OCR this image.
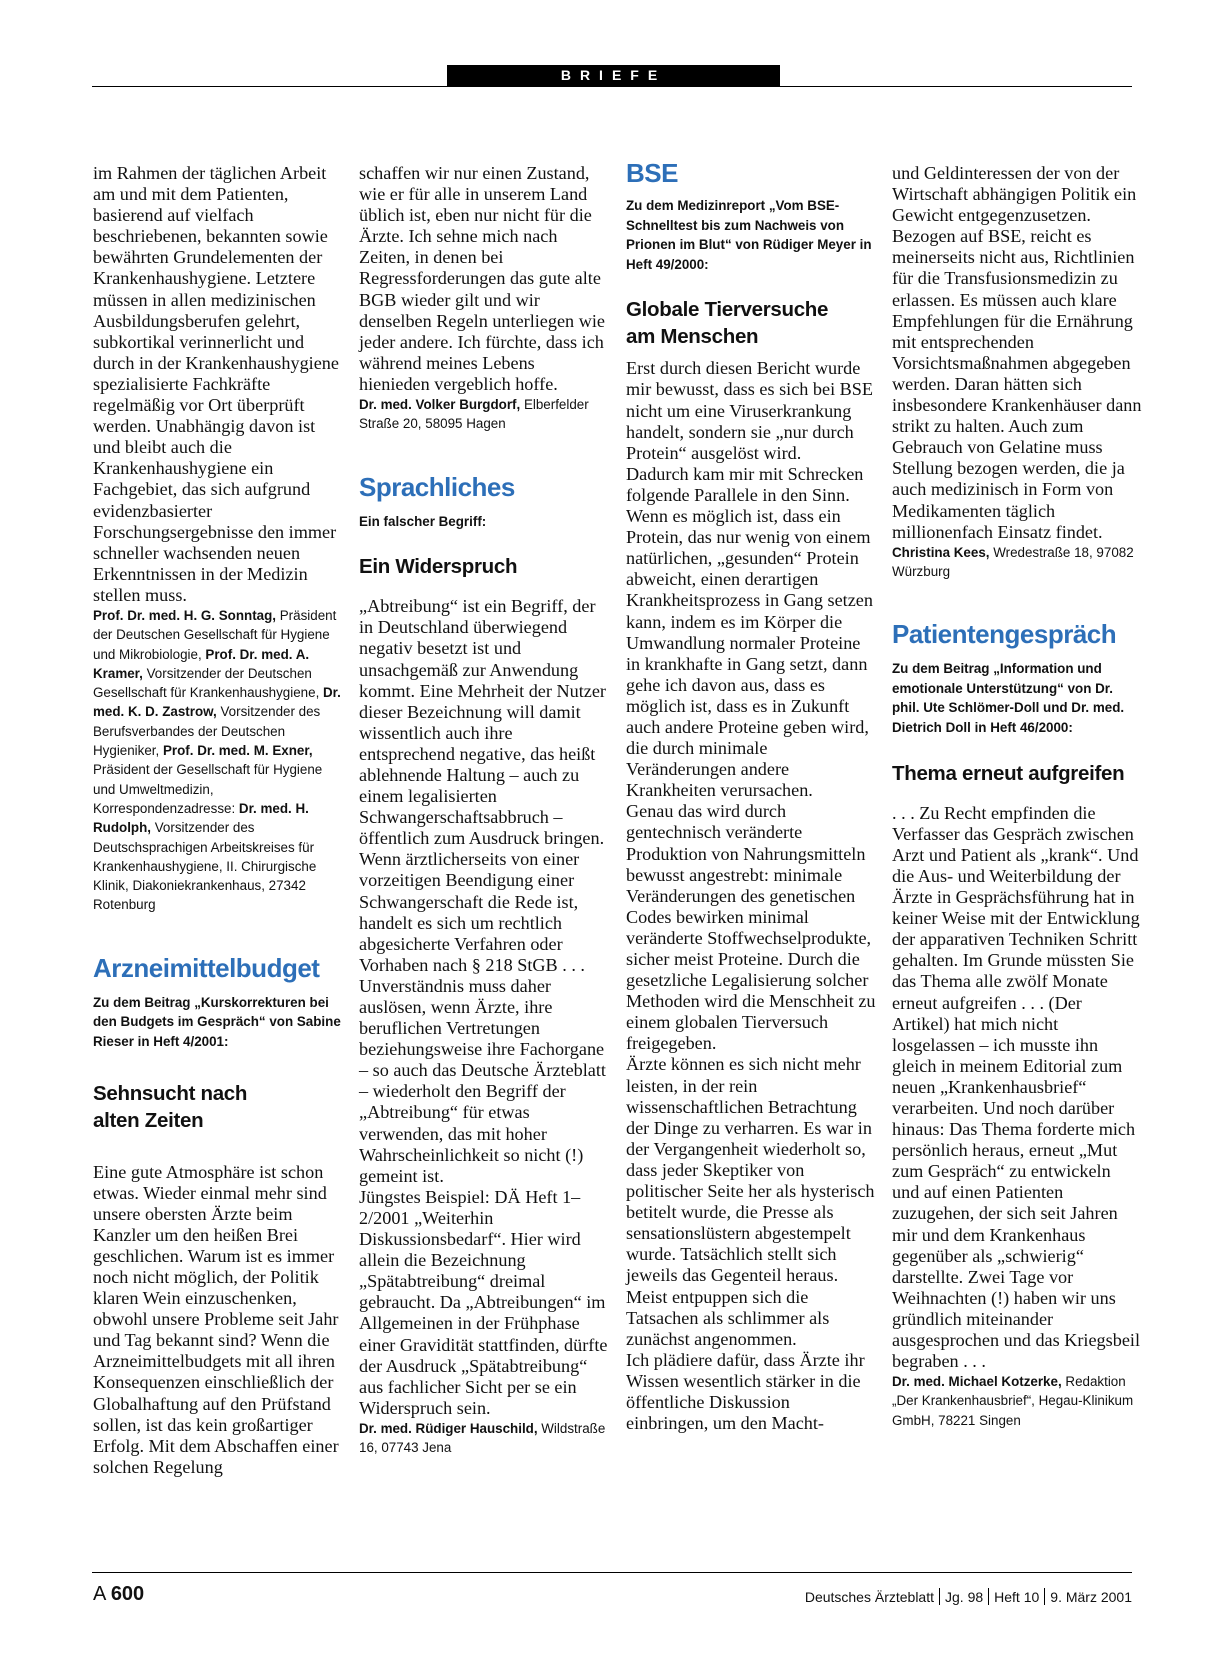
BRIEFE

im Rahmen der täglichen Arbeit am und mit dem Patienten, basierend auf vielfach beschriebenen, bekannten sowie bewährten Grundelementen der Krankenhaushygiene. Letztere müssen in allen medizinischen Ausbildungsberufen gelehrt, subkortikal verinnerlicht und durch in der Krankenhaushygiene spezialisierte Fachkräfte regelmäßig vor Ort überprüft werden. Unabhängig davon ist und bleibt auch die Krankenhaushygiene ein Fachgebiet, das sich aufgrund evidenzbasierter Forschungsergebnisse den immer schneller wachsenden neuen Erkenntnissen in der Medizin stellen muss.

Prof. Dr. med. H. G. Sonntag, Präsident der Deutschen Gesellschaft für Hygiene und Mikrobiologie, Prof. Dr. med. A. Kramer, Vorsitzender der Deutschen Gesellschaft für Krankenhaushygiene, Dr. med. K. D. Zastrow, Vorsitzender des Berufsverbandes der Deutschen Hygieniker, Prof. Dr. med. M. Exner, Präsident der Gesellschaft für Hygiene und Umweltmedizin, Korrespondenzadresse: Dr. med. H. Rudolph, Vorsitzender des Deutschsprachigen Arbeitskreises für Krankenhaushygiene, II. Chirurgische Klinik, Diakoniekrankenhaus, 27342 Rotenburg

Arzneimittelbudget

Zu dem Beitrag „Kurskorrekturen bei den Budgets im Gespräch“ von Sabine Rieser in Heft 4/2001:

Sehnsucht nach
alten Zeiten

Eine gute Atmosphäre ist schon etwas. Wieder einmal mehr sind unsere obersten Ärzte beim Kanzler um den heißen Brei geschlichen. Warum ist es immer noch nicht möglich, der Politik klaren Wein einzuschenken, obwohl unsere Probleme seit Jahr und Tag bekannt sind? Wenn die Arzneimittelbudgets mit all ihren Konsequenzen einschließlich der Globalhaftung auf den Prüfstand sollen, ist das kein großartiger Erfolg. Mit dem Abschaffen einer solchen Regelung

schaffen wir nur einen Zustand, wie er für alle in unserem Land üblich ist, eben nur nicht für die Ärzte. Ich sehne mich nach Zeiten, in denen bei Regressforderungen das gute alte BGB wieder gilt und wir denselben Regeln unterliegen wie jeder andere. Ich fürchte, dass ich während meines Lebens hienieden vergeblich hoffe.

Dr. med. Volker Burgdorf, Elberfelder Straße 20, 58095 Hagen

Sprachliches

Ein falscher Begriff:

Ein Widerspruch

„Abtreibung“ ist ein Begriff, der in Deutschland überwiegend negativ besetzt ist und unsachgemäß zur Anwendung kommt. Eine Mehrheit der Nutzer dieser Bezeichnung will damit wissentlich auch ihre entsprechend negative, das heißt ablehnende Haltung – auch zu einem legalisierten Schwangerschaftsabbruch – öffentlich zum Ausdruck bringen.

Wenn ärztlicherseits von einer vorzeitigen Beendigung einer Schwangerschaft die Rede ist, handelt es sich um rechtlich abgesicherte Verfahren oder Vorhaben nach § 218 StGB . . .

Unverständnis muss daher auslösen, wenn Ärzte, ihre beruflichen Vertretungen beziehungsweise ihre Fachorgane – so auch das Deutsche Ärzteblatt – wiederholt den Begriff der „Abtreibung“ für etwas verwenden, das mit hoher Wahrscheinlichkeit so nicht (!) gemeint ist.

Jüngstes Beispiel: DÄ Heft 1–2/2001 „Weiterhin Diskussionsbedarf“. Hier wird allein die Bezeichnung „Spätabtreibung“ dreimal gebraucht. Da „Abtreibungen“ im Allgemeinen in der Frühphase einer Gravidität stattfinden, dürfte der Ausdruck „Spätabtreibung“ aus fachlicher Sicht per se ein Widerspruch sein.

Dr. med. Rüdiger Hauschild, Wildstraße 16, 07743 Jena

BSE

Zu dem Medizinreport „Vom BSE-Schnelltest bis zum Nachweis von Prionen im Blut“ von Rüdiger Meyer in Heft 49/2000:

Globale Tierversuche
am Menschen

Erst durch diesen Bericht wurde mir bewusst, dass es sich bei BSE nicht um eine Viruserkrankung handelt, sondern sie „nur durch Protein“ ausgelöst wird.

Dadurch kam mir mit Schrecken folgende Parallele in den Sinn. Wenn es möglich ist, dass ein Protein, das nur wenig von einem natürlichen, „gesunden“ Protein abweicht, einen derartigen Krankheitsprozess in Gang setzen kann, indem es im Körper die Umwandlung normaler Proteine in krankhafte in Gang setzt, dann gehe ich davon aus, dass es möglich ist, dass es in Zukunft auch andere Proteine geben wird, die durch minimale Veränderungen andere Krankheiten verursachen.

Genau das wird durch gentechnisch veränderte Produktion von Nahrungsmitteln bewusst angestrebt: minimale Veränderungen des genetischen Codes bewirken minimal veränderte Stoffwechselprodukte, sicher meist Proteine. Durch die gesetzliche Legalisierung solcher Methoden wird die Menschheit zu einem globalen Tierversuch freigegeben.

Ärzte können es sich nicht mehr leisten, in der rein wissenschaftlichen Betrachtung der Dinge zu verharren. Es war in der Vergangenheit wiederholt so, dass jeder Skeptiker von politischer Seite her als hysterisch betitelt wurde, die Presse als sensationslüstern abgestempelt wurde. Tatsächlich stellt sich jeweils das Gegenteil heraus. Meist entpuppen sich die Tatsachen als schlimmer als zunächst angenommen.

Ich plädiere dafür, dass Ärzte ihr Wissen wesentlich stärker in die öffentliche Diskussion einbringen, um den Macht-

und Geldinteressen der von der Wirtschaft abhängigen Politik ein Gewicht entgegenzusetzen.

Bezogen auf BSE, reicht es meinerseits nicht aus, Richtlinien für die Transfusionsmedizin zu erlassen. Es müssen auch klare Empfehlungen für die Ernährung mit entsprechenden Vorsichtsmaßnahmen abgegeben werden. Daran hätten sich insbesondere Krankenhäuser dann strikt zu halten. Auch zum Gebrauch von Gelatine muss Stellung bezogen werden, die ja auch medizinisch in Form von Medikamenten täglich millionenfach Einsatz findet.

Christina Kees, Wredestraße 18, 97082 Würzburg

Patientengespräch

Zu dem Beitrag „Information und emotionale Unterstützung“ von Dr. phil. Ute Schlömer-Doll und Dr. med. Dietrich Doll in Heft 46/2000:

Thema erneut aufgreifen

. . . Zu Recht empfinden die Verfasser das Gespräch zwischen Arzt und Patient als „krank“. Und die Aus- und Weiterbildung der Ärzte in Gesprächsführung hat in keiner Weise mit der Entwicklung der apparativen Techniken Schritt gehalten. Im Grunde müssten Sie das Thema alle zwölf Monate erneut aufgreifen . . . (Der Artikel) hat mich nicht losgelassen – ich musste ihn gleich in meinem Editorial zum neuen „Krankenhausbrief“ verarbeiten. Und noch darüber hinaus: Das Thema forderte mich persönlich heraus, erneut „Mut zum Gespräch“ zu entwickeln und auf einen Patienten zuzugehen, der sich seit Jahren mir und dem Krankenhaus gegenüber als „schwierig“ darstellte. Zwei Tage vor Weihnachten (!) haben wir uns gründlich miteinander ausgesprochen und das Kriegsbeil begraben . . .

Dr. med. Michael Kotzerke, Redaktion „Der Krankenhausbrief“, Hegau-Klinikum GmbH, 78221 Singen

A 600	Deutsches Ärzteblatt Jg. 98 Heft 10 9. März 2001
